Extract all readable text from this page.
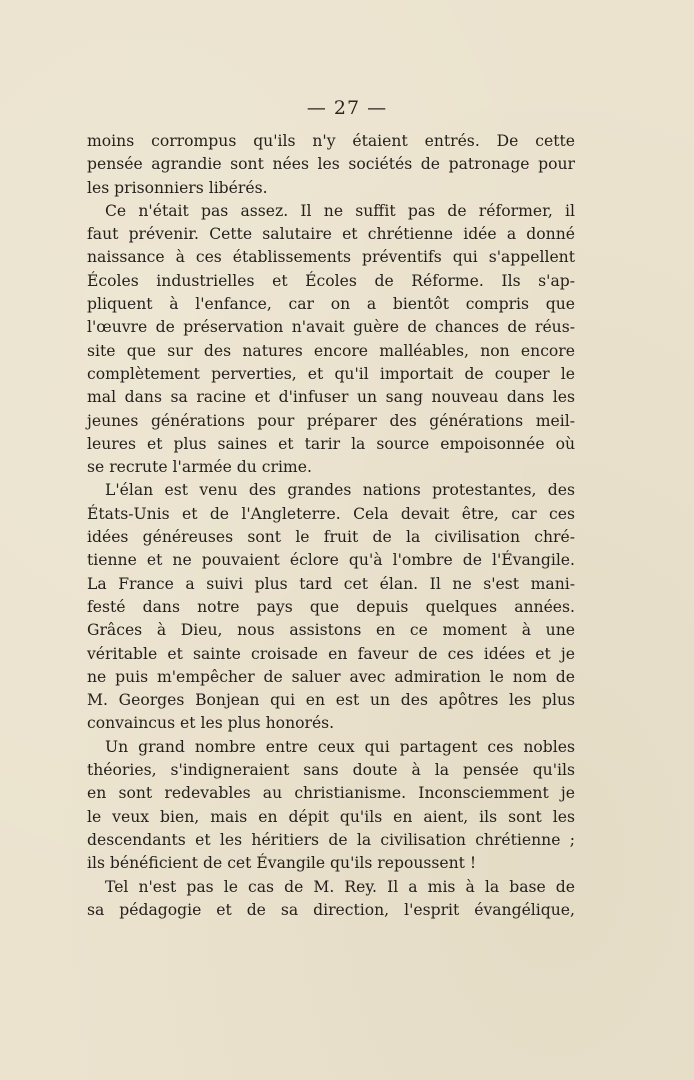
— 27 —
moins corrompus qu'ils n'y étaient entrés. De cette
pensée agrandie sont nées les sociétés de patronage pour
les prisonniers libérés.
Ce n'était pas assez. Il ne suffit pas de réformer, il
faut prévenir. Cette salutaire et chrétienne idée a donné
naissance à ces établissements préventifs qui s'appellent
Écoles industrielles et Écoles de Réforme. Ils s'ap-
pliquent à l'enfance, car on a bientôt compris que
l'œuvre de préservation n'avait guère de chances de réus-
site que sur des natures encore malléables, non encore
complètement perverties, et qu'il importait de couper le
mal dans sa racine et d'infuser un sang nouveau dans les
jeunes générations pour préparer des générations meil-
leures et plus saines et tarir la source empoisonnée où
se recrute l'armée du crime.
L'élan est venu des grandes nations protestantes, des
États-Unis et de l'Angleterre. Cela devait être, car ces
idées généreuses sont le fruit de la civilisation chré-
tienne et ne pouvaient éclore qu'à l'ombre de l'Évangile.
La France a suivi plus tard cet élan. Il ne s'est mani-
festé dans notre pays que depuis quelques années.
Grâces à Dieu, nous assistons en ce moment à une
véritable et sainte croisade en faveur de ces idées et je
ne puis m'empêcher de saluer avec admiration le nom de
M. Georges Bonjean qui en est un des apôtres les plus
convaincus et les plus honorés.
Un grand nombre entre ceux qui partagent ces nobles
théories, s'indigneraient sans doute à la pensée qu'ils
en sont redevables au christianisme. Inconsciemment je
le veux bien, mais en dépit qu'ils en aient, ils sont les
descendants et les héritiers de la civilisation chrétienne ;
ils bénéficient de cet Évangile qu'ils repoussent !
Tel n'est pas le cas de M. Rey. Il a mis à la base de
sa pédagogie et de sa direction, l'esprit évangélique,
